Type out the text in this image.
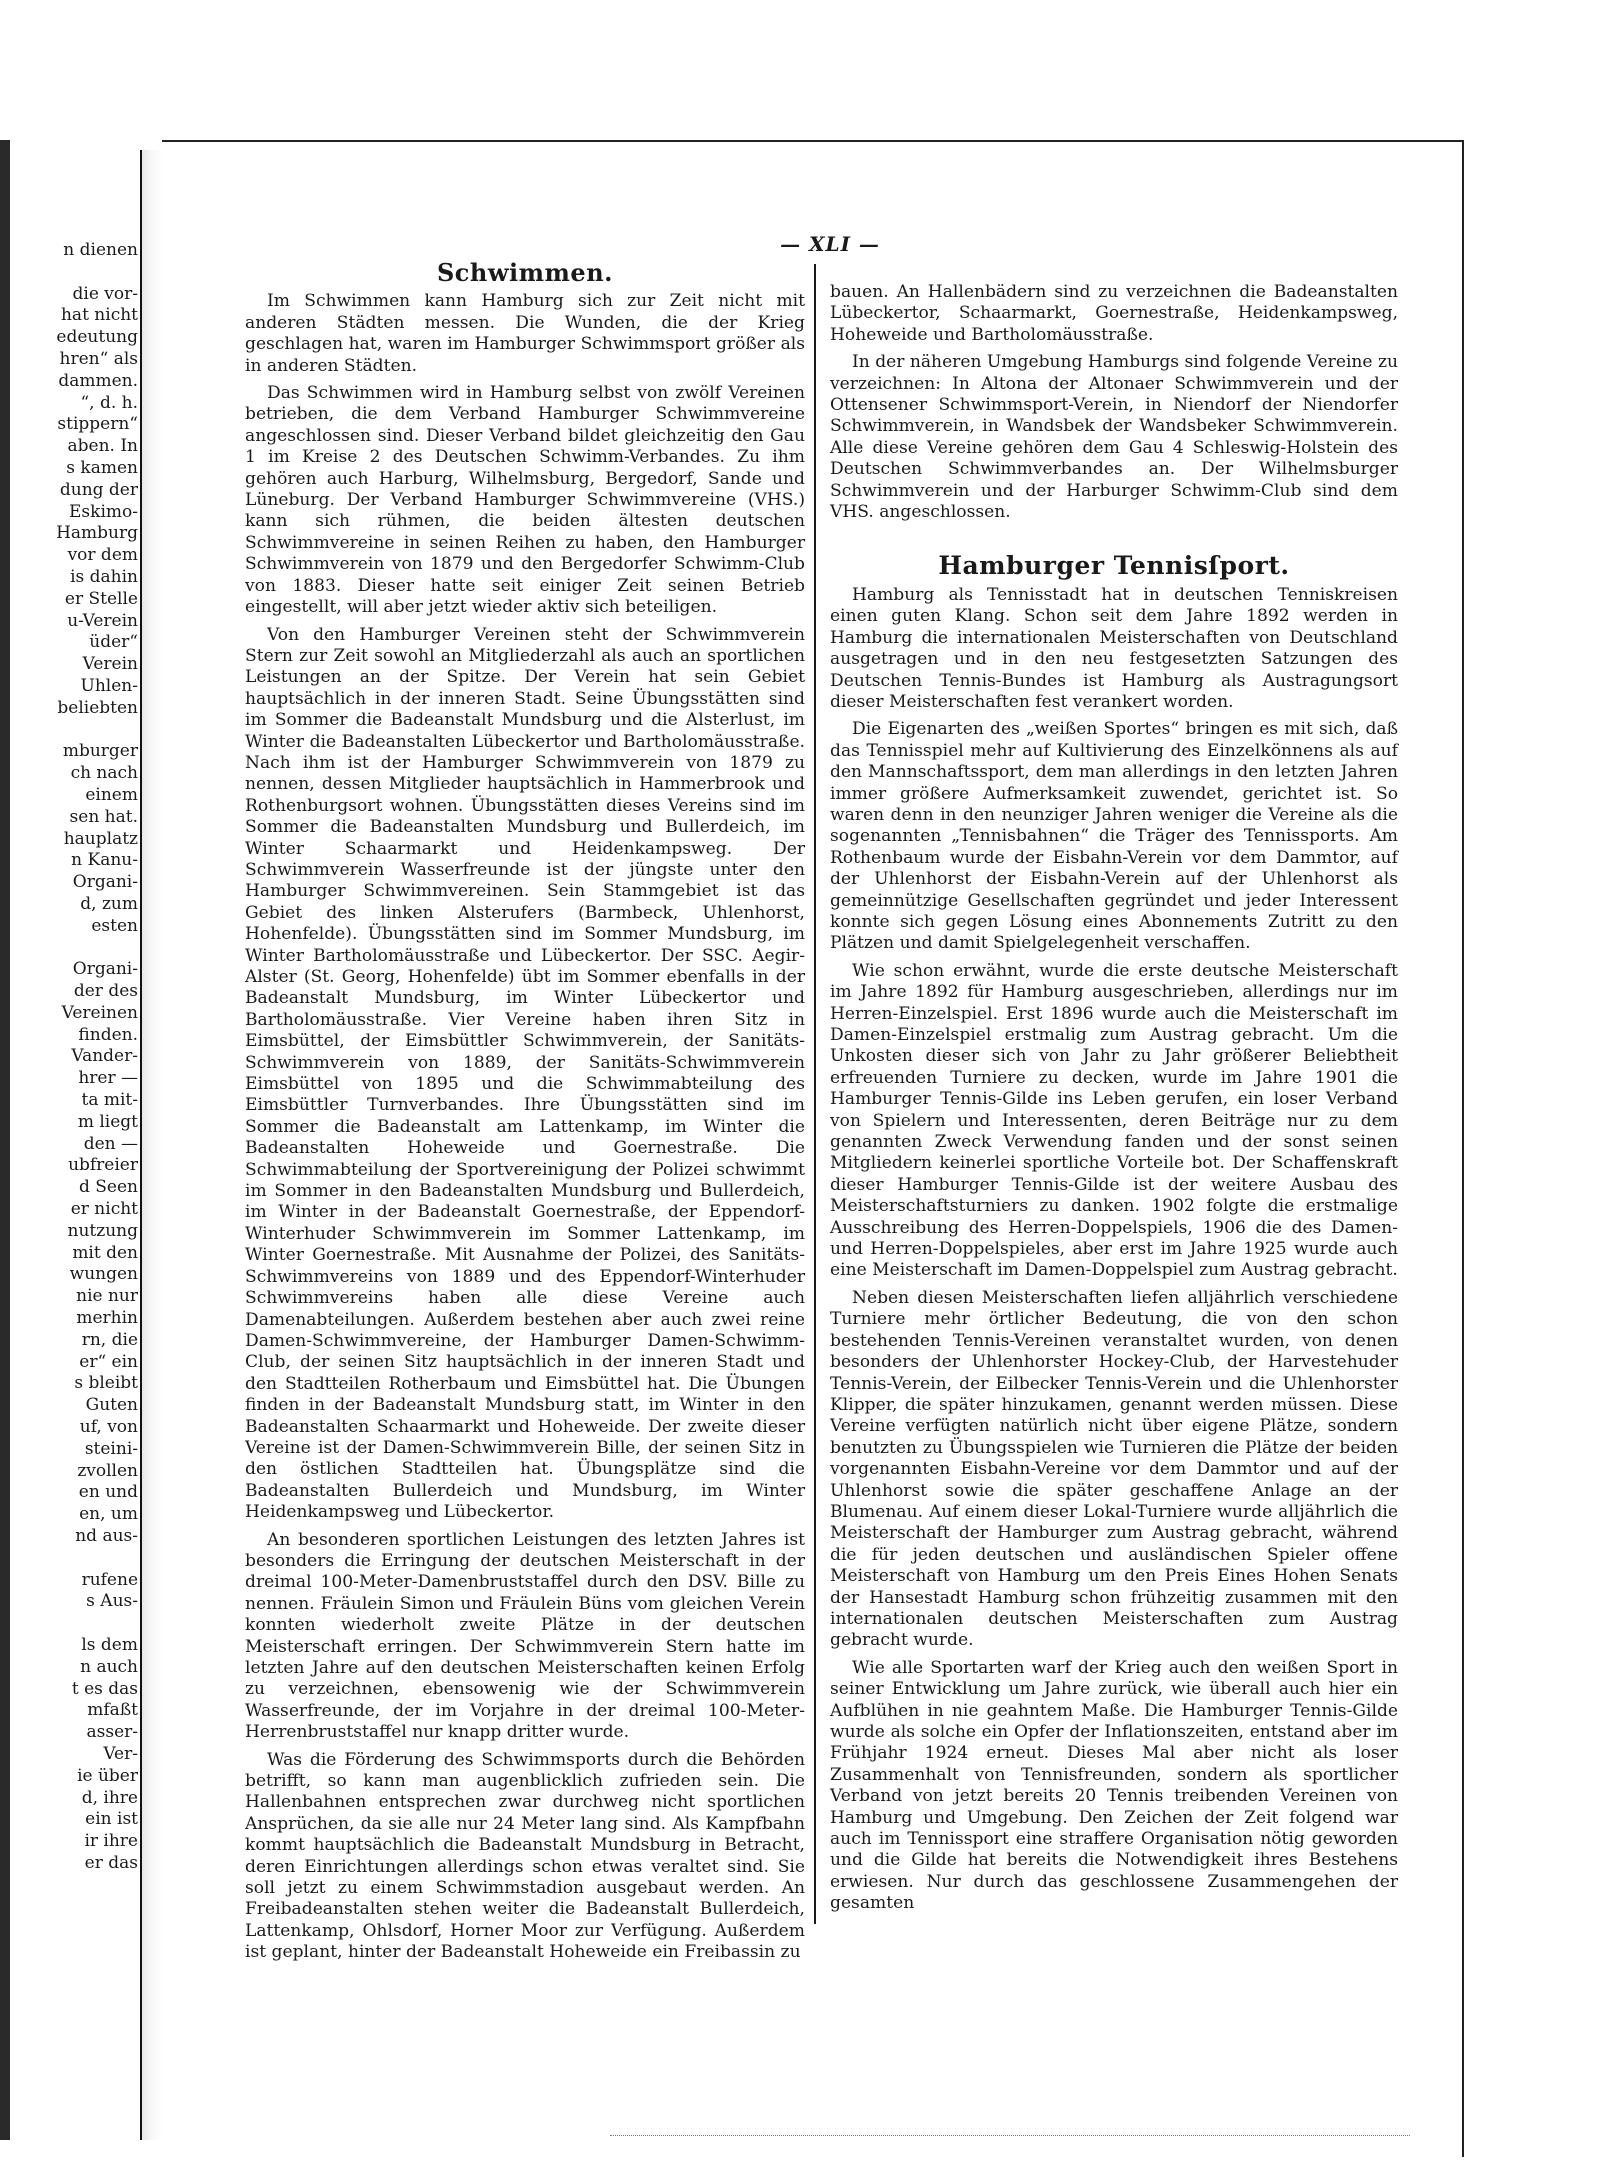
n dienen

die vor-
hat nicht
edeutung
hren“ als
dammen.
“, d. h.
stippern“
aben. In
s kamen
dung der
Eskimo-
Hamburg
vor dem
is dahin
er Stelle
u-Verein
üder“
Verein
Uhlen-
beliebten

mburger
ch nach
einem
sen hat.
hauplatz
n Kanu-
Organi-
d, zum
esten

Organi-
der des
Vereinen
finden.
Vander-
hrer —
ta mit-
m liegt
den —
ubfreier
d Seen
er nicht
nutzung
mit den
wungen
nie nur
merhin
rn, die
er“ ein
s bleibt
Guten
uf, von
steini-
zvollen
en und
en, um
nd aus-

rufene
s Aus-

ls dem
n auch
t es das
mfaßt
asser-
Ver-
ie über
d, ihre
ein ist
ir ihre
er das
— XLI —
Schwimmen.

Im Schwimmen kann Hamburg sich zur Zeit nicht mit anderen Städten messen. Die Wunden, die der Krieg geschlagen hat, waren im Hamburger Schwimmsport größer als in anderen Städten.

Das Schwimmen wird in Hamburg selbst von zwölf Vereinen betrieben, die dem Verband Hamburger Schwimmvereine angeschlossen sind. Dieser Verband bildet gleichzeitig den Gau 1 im Kreise 2 des Deutschen Schwimm-Verbandes. Zu ihm gehören auch Harburg, Wilhelmsburg, Bergedorf, Sande und Lüneburg. Der Verband Hamburger Schwimmvereine (VHS.) kann sich rühmen, die beiden ältesten deutschen Schwimmvereine in seinen Reihen zu haben, den Hamburger Schwimmverein von 1879 und den Bergedorfer Schwimm-Club von 1883. Dieser hatte seit einiger Zeit seinen Betrieb eingestellt, will aber jetzt wieder aktiv sich beteiligen.

Von den Hamburger Vereinen steht der Schwimmverein Stern zur Zeit sowohl an Mitgliederzahl als auch an sportlichen Leistungen an der Spitze. Der Verein hat sein Gebiet hauptsächlich in der inneren Stadt. Seine Übungsstätten sind im Sommer die Badeanstalt Mundsburg und die Alsterlust, im Winter die Badeanstalten Lübeckertor und Bartholomäusstraße. Nach ihm ist der Hamburger Schwimmverein von 1879 zu nennen, dessen Mitglieder hauptsächlich in Hammerbrook und Rothenburgsort wohnen. Übungsstätten dieses Vereins sind im Sommer die Badeanstalten Mundsburg und Bullerdeich, im Winter Schaarmarkt und Heidenkampsweg. Der Schwimmverein Wasserfreunde ist der jüngste unter den Hamburger Schwimmvereinen. Sein Stammgebiet ist das Gebiet des linken Alsterufers (Barmbeck, Uhlenhorst, Hohenfelde). Übungsstätten sind im Sommer Mundsburg, im Winter Bartholomäusstraße und Lübeckertor. Der SSC. Aegir-Alster (St. Georg, Hohenfelde) übt im Sommer ebenfalls in der Badeanstalt Mundsburg, im Winter Lübeckertor und Bartholomäusstraße. Vier Vereine haben ihren Sitz in Eimsbüttel, der Eimsbüttler Schwimmverein, der Sanitäts-Schwimmverein von 1889, der Sanitäts-Schwimmverein Eimsbüttel von 1895 und die Schwimmabteilung des Eimsbüttler Turnverbandes. Ihre Übungsstätten sind im Sommer die Badeanstalt am Lattenkamp, im Winter die Badeanstalten Hoheweide und Goernestraße. Die Schwimmabteilung der Sportvereinigung der Polizei schwimmt im Sommer in den Badeanstalten Mundsburg und Bullerdeich, im Winter in der Badeanstalt Goernestraße, der Eppendorf-Winterhuder Schwimmverein im Sommer Lattenkamp, im Winter Goernestraße. Mit Ausnahme der Polizei, des Sanitäts-Schwimmvereins von 1889 und des Eppendorf-Winterhuder Schwimmvereins haben alle diese Vereine auch Damenabteilungen. Außerdem bestehen aber auch zwei reine Damen-Schwimmvereine, der Hamburger Damen-Schwimm-Club, der seinen Sitz hauptsächlich in der inneren Stadt und den Stadtteilen Rotherbaum und Eimsbüttel hat. Die Übungen finden in der Badeanstalt Mundsburg statt, im Winter in den Badeanstalten Schaarmarkt und Hoheweide. Der zweite dieser Vereine ist der Damen-Schwimmverein Bille, der seinen Sitz in den östlichen Stadtteilen hat. Übungsplätze sind die Badeanstalten Bullerdeich und Mundsburg, im Winter Heidenkampsweg und Lübeckertor.

An besonderen sportlichen Leistungen des letzten Jahres ist besonders die Erringung der deutschen Meisterschaft in der dreimal 100-Meter-Damenbruststaffel durch den DSV. Bille zu nennen. Fräulein Simon und Fräulein Büns vom gleichen Verein konnten wiederholt zweite Plätze in der deutschen Meisterschaft erringen. Der Schwimmverein Stern hatte im letzten Jahre auf den deutschen Meisterschaften keinen Erfolg zu verzeichnen, ebensowenig wie der Schwimmverein Wasserfreunde, der im Vorjahre in der dreimal 100-Meter-Herrenbruststaffel nur knapp dritter wurde.

Was die Förderung des Schwimmsports durch die Behörden betrifft, so kann man augenblicklich zufrieden sein. Die Hallenbahnen entsprechen zwar durchweg nicht sportlichen Ansprüchen, da sie alle nur 24 Meter lang sind. Als Kampfbahn kommt hauptsächlich die Badeanstalt Mundsburg in Betracht, deren Einrichtungen allerdings schon etwas veraltet sind. Sie soll jetzt zu einem Schwimmstadion ausgebaut werden. An Freibadeanstalten stehen weiter die Badeanstalt Bullerdeich, Lattenkamp, Ohlsdorf, Horner Moor zur Verfügung. Außerdem ist geplant, hinter der Badeanstalt Hoheweide ein Freibassin zu

bauen. An Hallenbädern sind zu verzeichnen die Badeanstalten Lübeckertor, Schaarmarkt, Goernestraße, Heidenkampsweg, Hoheweide und Bartholomäusstraße.

In der näheren Umgebung Hamburgs sind folgende Vereine zu verzeichnen: In Altona der Altonaer Schwimmverein und der Ottensener Schwimmsport-Verein, in Niendorf der Niendorfer Schwimmverein, in Wandsbek der Wandsbeker Schwimmverein. Alle diese Vereine gehören dem Gau 4 Schleswig-Holstein des Deutschen Schwimmverbandes an. Der Wilhelmsburger Schwimmverein und der Harburger Schwimm-Club sind dem VHS. angeschlossen.

Hamburger Tennisſport.

Hamburg als Tennisstadt hat in deutschen Tenniskreisen einen guten Klang. Schon seit dem Jahre 1892 werden in Hamburg die internationalen Meisterschaften von Deutschland ausgetragen und in den neu festgesetzten Satzungen des Deutschen Tennis-Bundes ist Hamburg als Austragungsort dieser Meisterschaften fest verankert worden.

Die Eigenarten des „weißen Sportes“ bringen es mit sich, daß das Tennisspiel mehr auf Kultivierung des Einzelkönnens als auf den Mannschaftssport, dem man allerdings in den letzten Jahren immer größere Aufmerksamkeit zuwendet, gerichtet ist. So waren denn in den neunziger Jahren weniger die Vereine als die sogenannten „Tennisbahnen“ die Träger des Tennissports. Am Rothenbaum wurde der Eisbahn-Verein vor dem Dammtor, auf der Uhlenhorst der Eisbahn-Verein auf der Uhlenhorst als gemeinnützige Gesellschaften gegründet und jeder Interessent konnte sich gegen Lösung eines Abonnements Zutritt zu den Plätzen und damit Spielgelegenheit verschaffen.

Wie schon erwähnt, wurde die erste deutsche Meisterschaft im Jahre 1892 für Hamburg ausgeschrieben, allerdings nur im Herren-Einzelspiel. Erst 1896 wurde auch die Meisterschaft im Damen-Einzelspiel erstmalig zum Austrag gebracht. Um die Unkosten dieser sich von Jahr zu Jahr größerer Beliebtheit erfreuenden Turniere zu decken, wurde im Jahre 1901 die Hamburger Tennis-Gilde ins Leben gerufen, ein loser Verband von Spielern und Interessenten, deren Beiträge nur zu dem genannten Zweck Verwendung fanden und der sonst seinen Mitgliedern keinerlei sportliche Vorteile bot. Der Schaffenskraft dieser Hamburger Tennis-Gilde ist der weitere Ausbau des Meisterschaftsturniers zu danken. 1902 folgte die erstmalige Ausschreibung des Herren-Doppelspiels, 1906 die des Damen- und Herren-Doppelspieles, aber erst im Jahre 1925 wurde auch eine Meisterschaft im Damen-Doppelspiel zum Austrag gebracht.

Neben diesen Meisterschaften liefen alljährlich verschiedene Turniere mehr örtlicher Bedeutung, die von den schon bestehenden Tennis-Vereinen veranstaltet wurden, von denen besonders der Uhlenhorster Hockey-Club, der Harvestehuder Tennis-Verein, der Eilbecker Tennis-Verein und die Uhlenhorster Klipper, die später hinzukamen, genannt werden müssen. Diese Vereine verfügten natürlich nicht über eigene Plätze, sondern benutzten zu Übungsspielen wie Turnieren die Plätze der beiden vorgenannten Eisbahn-Vereine vor dem Dammtor und auf der Uhlenhorst sowie die später geschaffene Anlage an der Blumenau. Auf einem dieser Lokal-Turniere wurde alljährlich die Meisterschaft der Hamburger zum Austrag gebracht, während die für jeden deutschen und ausländischen Spieler offene Meisterschaft von Hamburg um den Preis Eines Hohen Senats der Hansestadt Hamburg schon frühzeitig zusammen mit den internationalen deutschen Meisterschaften zum Austrag gebracht wurde.

Wie alle Sportarten warf der Krieg auch den weißen Sport in seiner Entwicklung um Jahre zurück, wie überall auch hier ein Aufblühen in nie geahntem Maße. Die Hamburger Tennis-Gilde wurde als solche ein Opfer der Inflationszeiten, entstand aber im Frühjahr 1924 erneut. Dieses Mal aber nicht als loser Zusammenhalt von Tennisfreunden, sondern als sportlicher Verband von jetzt bereits 20 Tennis treibenden Vereinen von Hamburg und Umgebung. Den Zeichen der Zeit folgend war auch im Tennissport eine straffere Organisation nötig geworden und die Gilde hat bereits die Notwendigkeit ihres Bestehens erwiesen. Nur durch das geschlossene Zusammengehen der gesamten
